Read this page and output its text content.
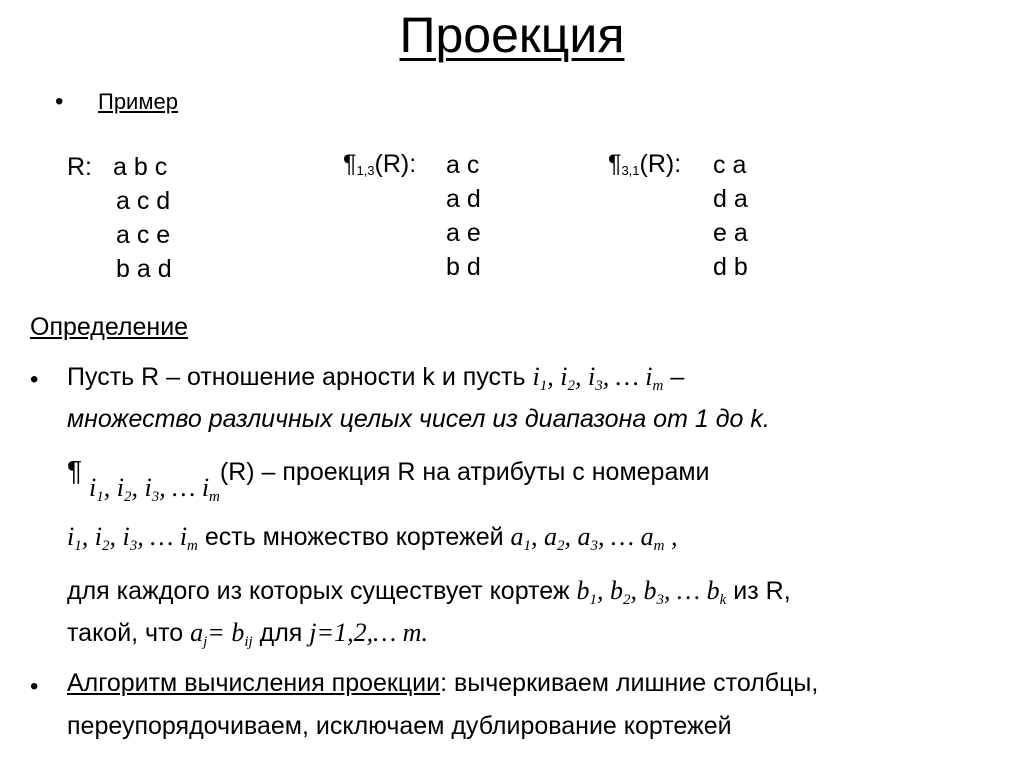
Проекция
• Пример
R: a b c
a c d
a c e
b a d
$\P_{1,3}(R)$: a c
a d
a e
b d
$\P_{3,1}(R)$: c a
d a
e a
d b
Определение
• Пусть R – отношение арности k и пусть $i_1$, $i_2$, $i_3$, … $i_m$ –
множество различных целых чисел из диапазона от 1 до k.
¶ $i_1$, $i_2$, $i_3$, … $i_m(R)$ – проекция R на атрибуты с номерами
$i_1$, $i_2$, $i_3$, … $i_m$ есть множество кортежей $a_1$, $a_2$, $a_3$, … $a_m$ ,
для каждого из которых существует кортеж $b_1$, $b_2$, $b_3$, … $b_k$ из R,
такой, что $a_j= b_{ij}$ для j=1,2,… m.
• Алгоритм вычисления проекции: вычеркиваем лишние столбцы,
переупорядочиваем, исключаем дублирование кортежей
